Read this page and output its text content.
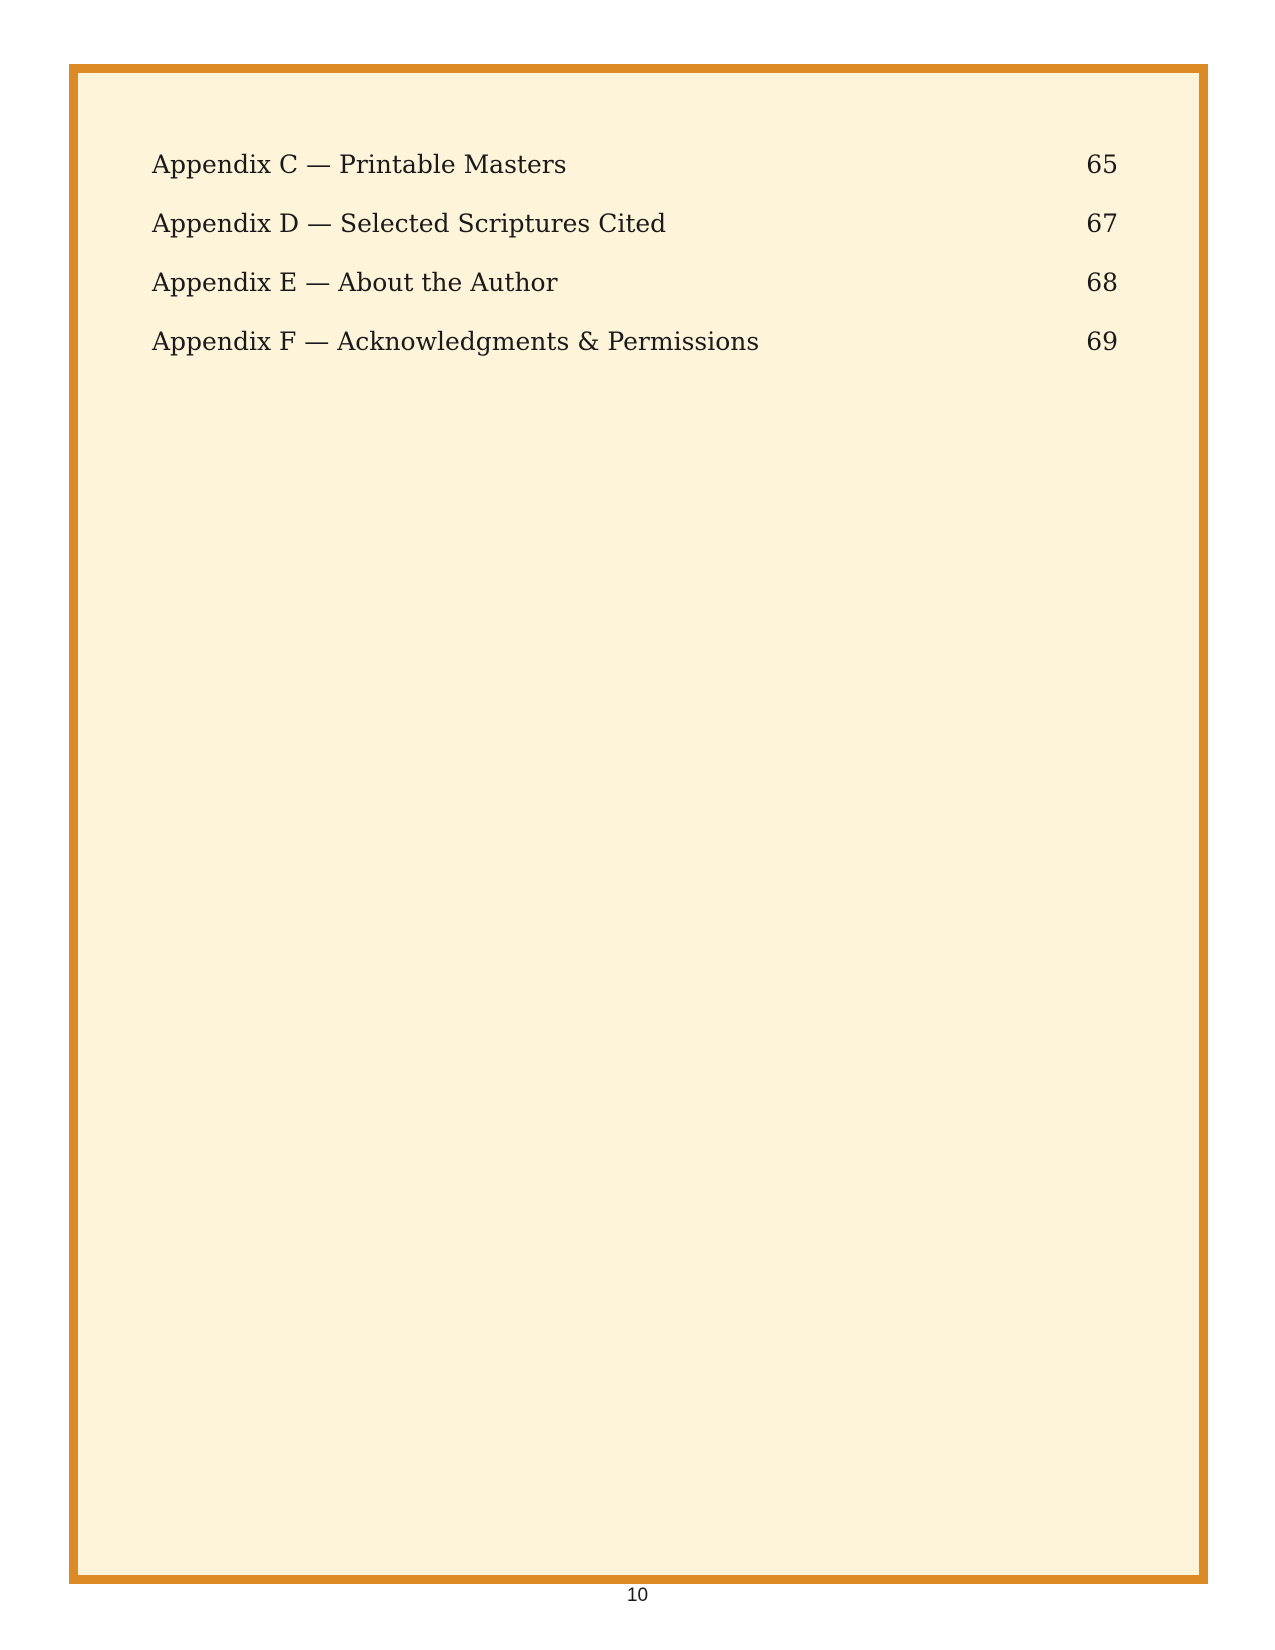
Appendix C — Printable Masters	65
Appendix D — Selected Scriptures Cited	67
Appendix E — About the Author	68
Appendix F — Acknowledgments & Permissions	69
10
